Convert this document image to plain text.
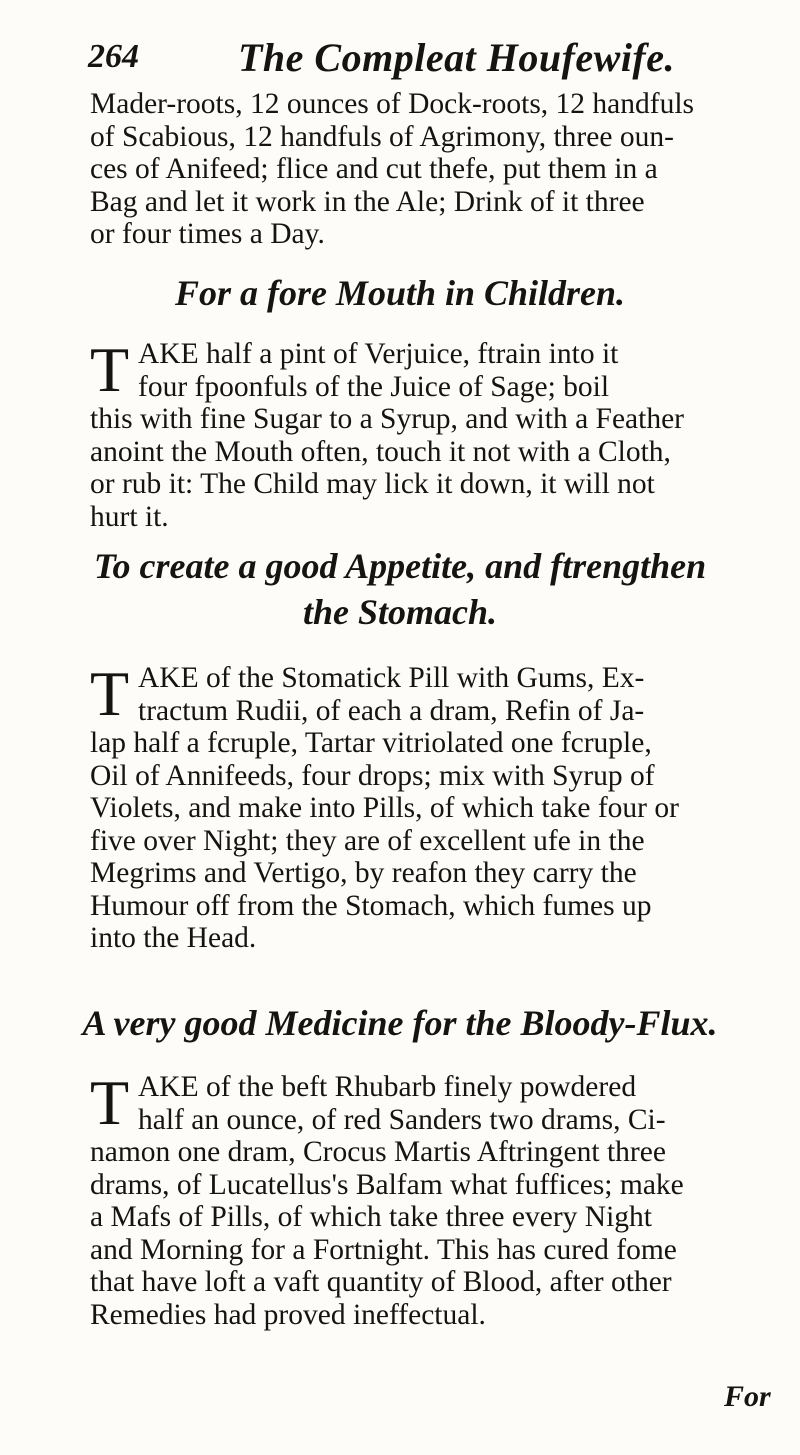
264 The Compleat Houfewife.
Mader-roots, 12 ounces of Dock-roots, 12 handfuls
of Scabious, 12 handfuls of Agrimony, three oun-
ces of Anifeed; flice and cut thefe, put them in a
Bag and let it work in the Ale; Drink of it three
or four times a Day.
For a fore Mouth in Children.
T AKE half a pint of Verjuice, ftrain into it
four fpoonfuls of the Juice of Sage; boil
this with fine Sugar to a Syrup, and with a Feather
anoint the Mouth often, touch it not with a Cloth,
or rub it: The Child may lick it down, it will not
hurt it.
To create a good Appetite, and ftrengthen
the Stomach.
T AKE of the Stomatick Pill with Gums, Ex-
tractum Rudii, of each a dram, Refin of Ja-
lap half a fcruple, Tartar vitriolated one fcruple,
Oil of Annifeeds, four drops; mix with Syrup of
Violets, and make into Pills, of which take four or
five over Night; they are of excellent ufe in the
Megrims and Vertigo, by reafon they carry the
Humour off from the Stomach, which fumes up
into the Head.
A very good Medicine for the Bloody-Flux.
T AKE of the beft Rhubarb finely powdered
half an ounce, of red Sanders two drams, Ci-
namon one dram, Crocus Martis Aftringent three
drams, of Lucatellus's Balfam what fuffices; make
a Mafs of Pills, of which take three every Night
and Morning for a Fortnight. This has cured fome
that have loft a vaft quantity of Blood, after other
Remedies had proved ineffectual.
For
